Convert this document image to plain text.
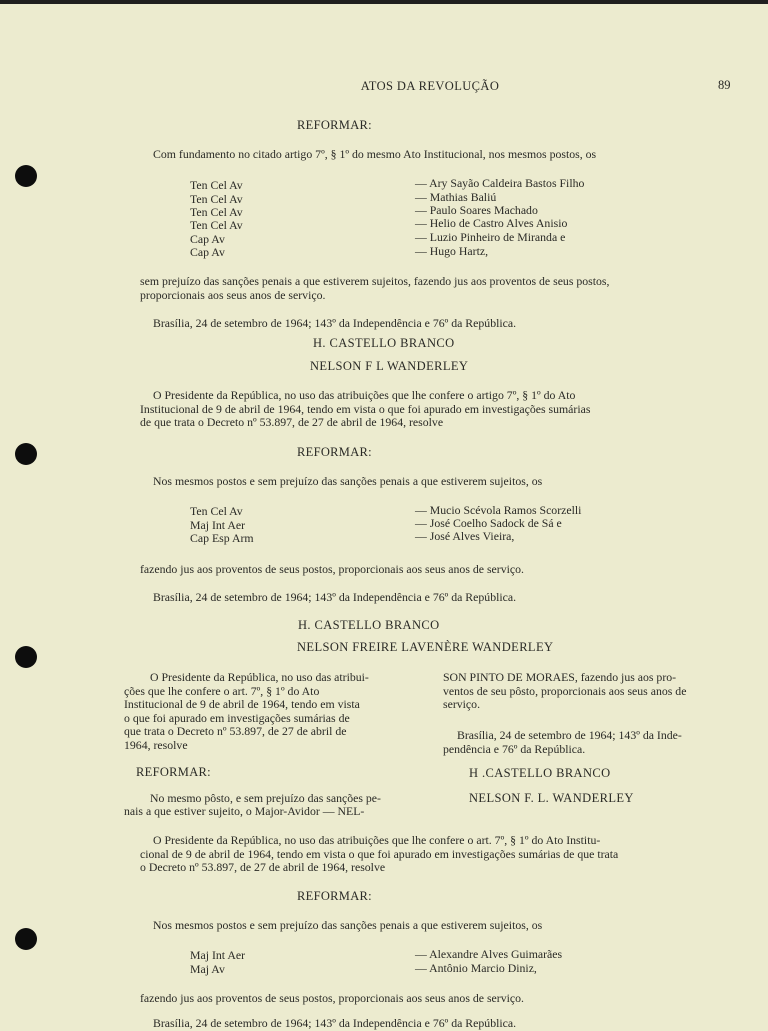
ATOS DA REVOLUÇÃO	89
REFORMAR:
Com fundamento no citado artigo 7º, § 1º do mesmo Ato Institucional, nos mesmos postos, os
Ten Cel Av	— Ary Sayão Caldeira Bastos Filho
Ten Cel Av	— Mathias Baliú
Ten Cel Av	— Paulo Soares Machado
Ten Cel Av	— Helio de Castro Alves Anisio
Cap Av	— Luzio Pinheiro de Miranda e
Cap Av	— Hugo Hartz,
sem prejuízo das sanções penais a que estiverem sujeitos, fazendo jus aos proventos de seus postos,
proporcionais aos seus anos de serviço.
Brasília, 24 de setembro de 1964; 143º da Independência e 76º da República.
H. CASTELLO BRANCO
NELSON F L WANDERLEY
O Presidente da República, no uso das atribuições que lhe confere o artigo 7º, § 1º do Ato
Institucional de 9 de abril de 1964, tendo em vista o que foi apurado em investigações sumárias
de que trata o Decreto nº 53.897, de 27 de abril de 1964, resolve
REFORMAR:
Nos mesmos postos e sem prejuízo das sanções penais a que estiverem sujeitos, os
Ten Cel Av	— Mucio Scévola Ramos Scorzelli
Maj Int Aer	— José Coelho Sadock de Sá e
Cap Esp Arm	— José Alves Vieira,
fazendo jus aos proventos de seus postos, proporcionais aos seus anos de serviço.
Brasília, 24 de setembro de 1964; 143º da Independência e 76º da República.
H. CASTELLO BRANCO
NELSON FREIRE LAVENÈRE WANDERLEY
O Presidente da República, no uso das atribui-
ções que lhe confere o art. 7º, § 1º do Ato
Institucional de 9 de abril de 1964, tendo em vista
o que foi apurado em investigações sumárias de
que trata o Decreto nº 53.897, de 27 de abril de
1964, resolve
REFORMAR:
No mesmo pôsto, e sem prejuízo das sanções pe-
nais a que estiver sujeito, o Major-Avidor — NEL-
SON PINTO DE MORAES, fazendo jus aos pro-
ventos de seu pôsto, proporcionais aos seus anos de
serviço.
Brasília, 24 de setembro de 1964; 143º da Inde-
pendência e 76º da República.
H .CASTELLO BRANCO
NELSON F. L. WANDERLEY
O Presidente da República, no uso das atribuições que lhe confere o art. 7º, § 1º do Ato Institu-
cional de 9 de abril de 1964, tendo em vista o que foi apurado em investigações sumárias de que trata
o Decreto nº 53.897, de 27 de abril de 1964, resolve
REFORMAR:
Nos mesmos postos e sem prejuízo das sanções penais a que estiverem sujeitos, os
Maj Int Aer	— Alexandre Alves Guimarães
Maj Av	— Antônio Marcio Diniz,
fazendo jus aos proventos de seus postos, proporcionais aos seus anos de serviço.
Brasília, 24 de setembro de 1964; 143º da Independência e 76º da República.
